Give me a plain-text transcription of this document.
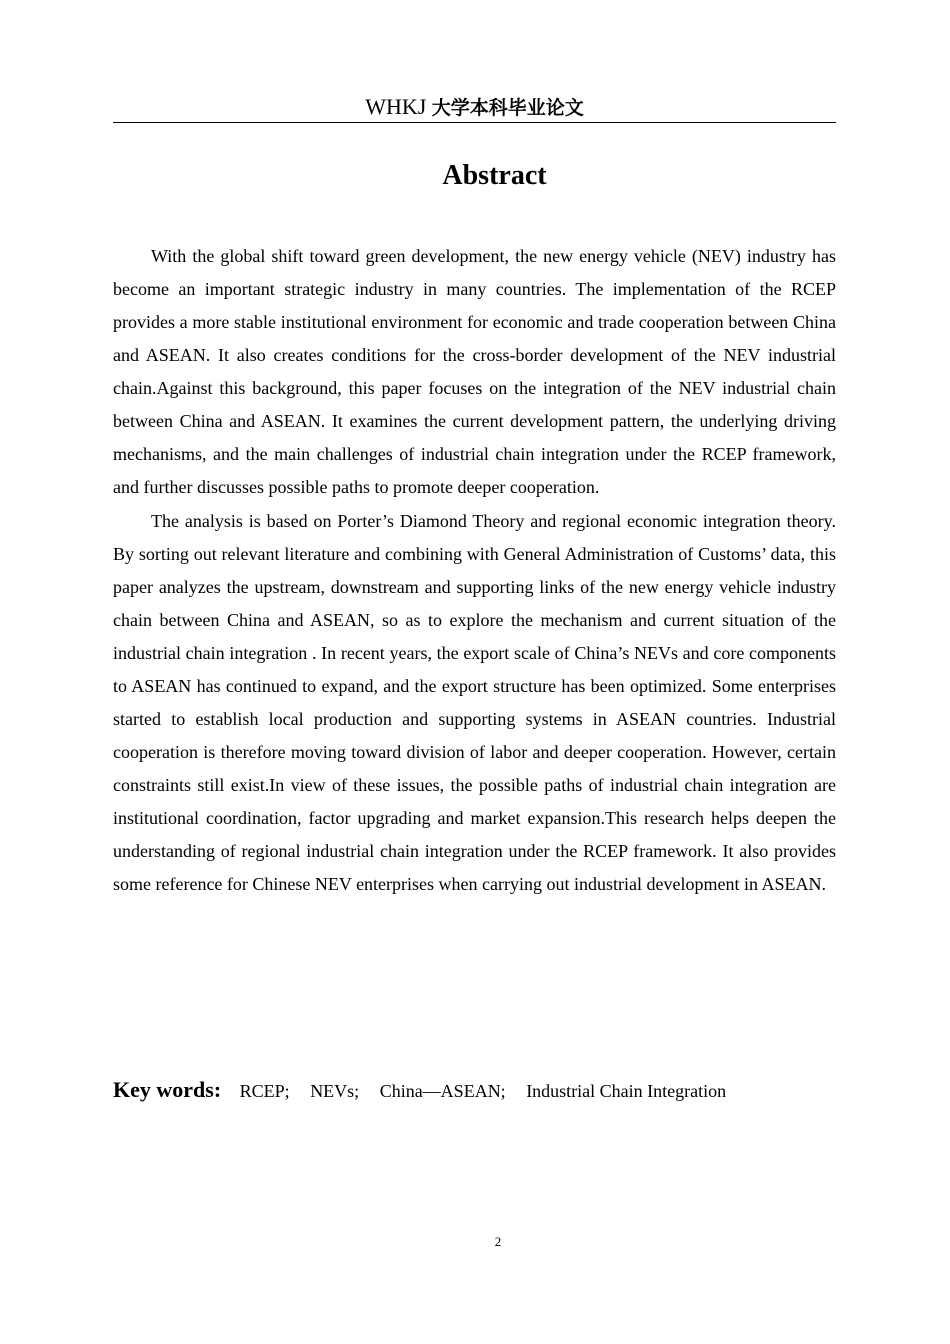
WHKJ 大学本科毕业论文
Abstract

With the global shift toward green development, the new energy vehicle (NEV) industry has become an important strategic industry in many countries. The implementation of the RCEP provides a more stable institutional environment for economic and trade cooperation between China and ASEAN. It also creates conditions for the cross-border development of the NEV industrial chain.Against this background, this paper focuses on the integration of the NEV industrial chain between China and ASEAN. It examines the current development pattern, the underlying driving mechanisms, and the main challenges of industrial chain integration under the RCEP framework, and further discusses possible paths to promote deeper cooperation.

The analysis is based on Porter’s Diamond Theory and regional economic integration theory. By sorting out relevant literature and combining with General Administration of Customs’ data, this paper analyzes the upstream, downstream and supporting links of the new energy vehicle industry chain between China and ASEAN, so as to explore the mechanism and current situation of the industrial chain integration . In recent years, the export scale of China’s NEVs and core components to ASEAN has continued to expand, and the export structure has been optimized. Some enterprises started to establish local production and supporting systems in ASEAN countries. Industrial cooperation is therefore moving toward division of labor and deeper cooperation. However, certain constraints still exist.In view of these issues, the possible paths of industrial chain integration are institutional coordination, factor upgrading and market expansion.This research helps deepen the understanding of regional industrial chain integration under the RCEP framework. It also provides some reference for Chinese NEV enterprises when carrying out industrial development in ASEAN.

Key words: RCEP; NEVs; China—ASEAN; Industrial Chain Integration
2
